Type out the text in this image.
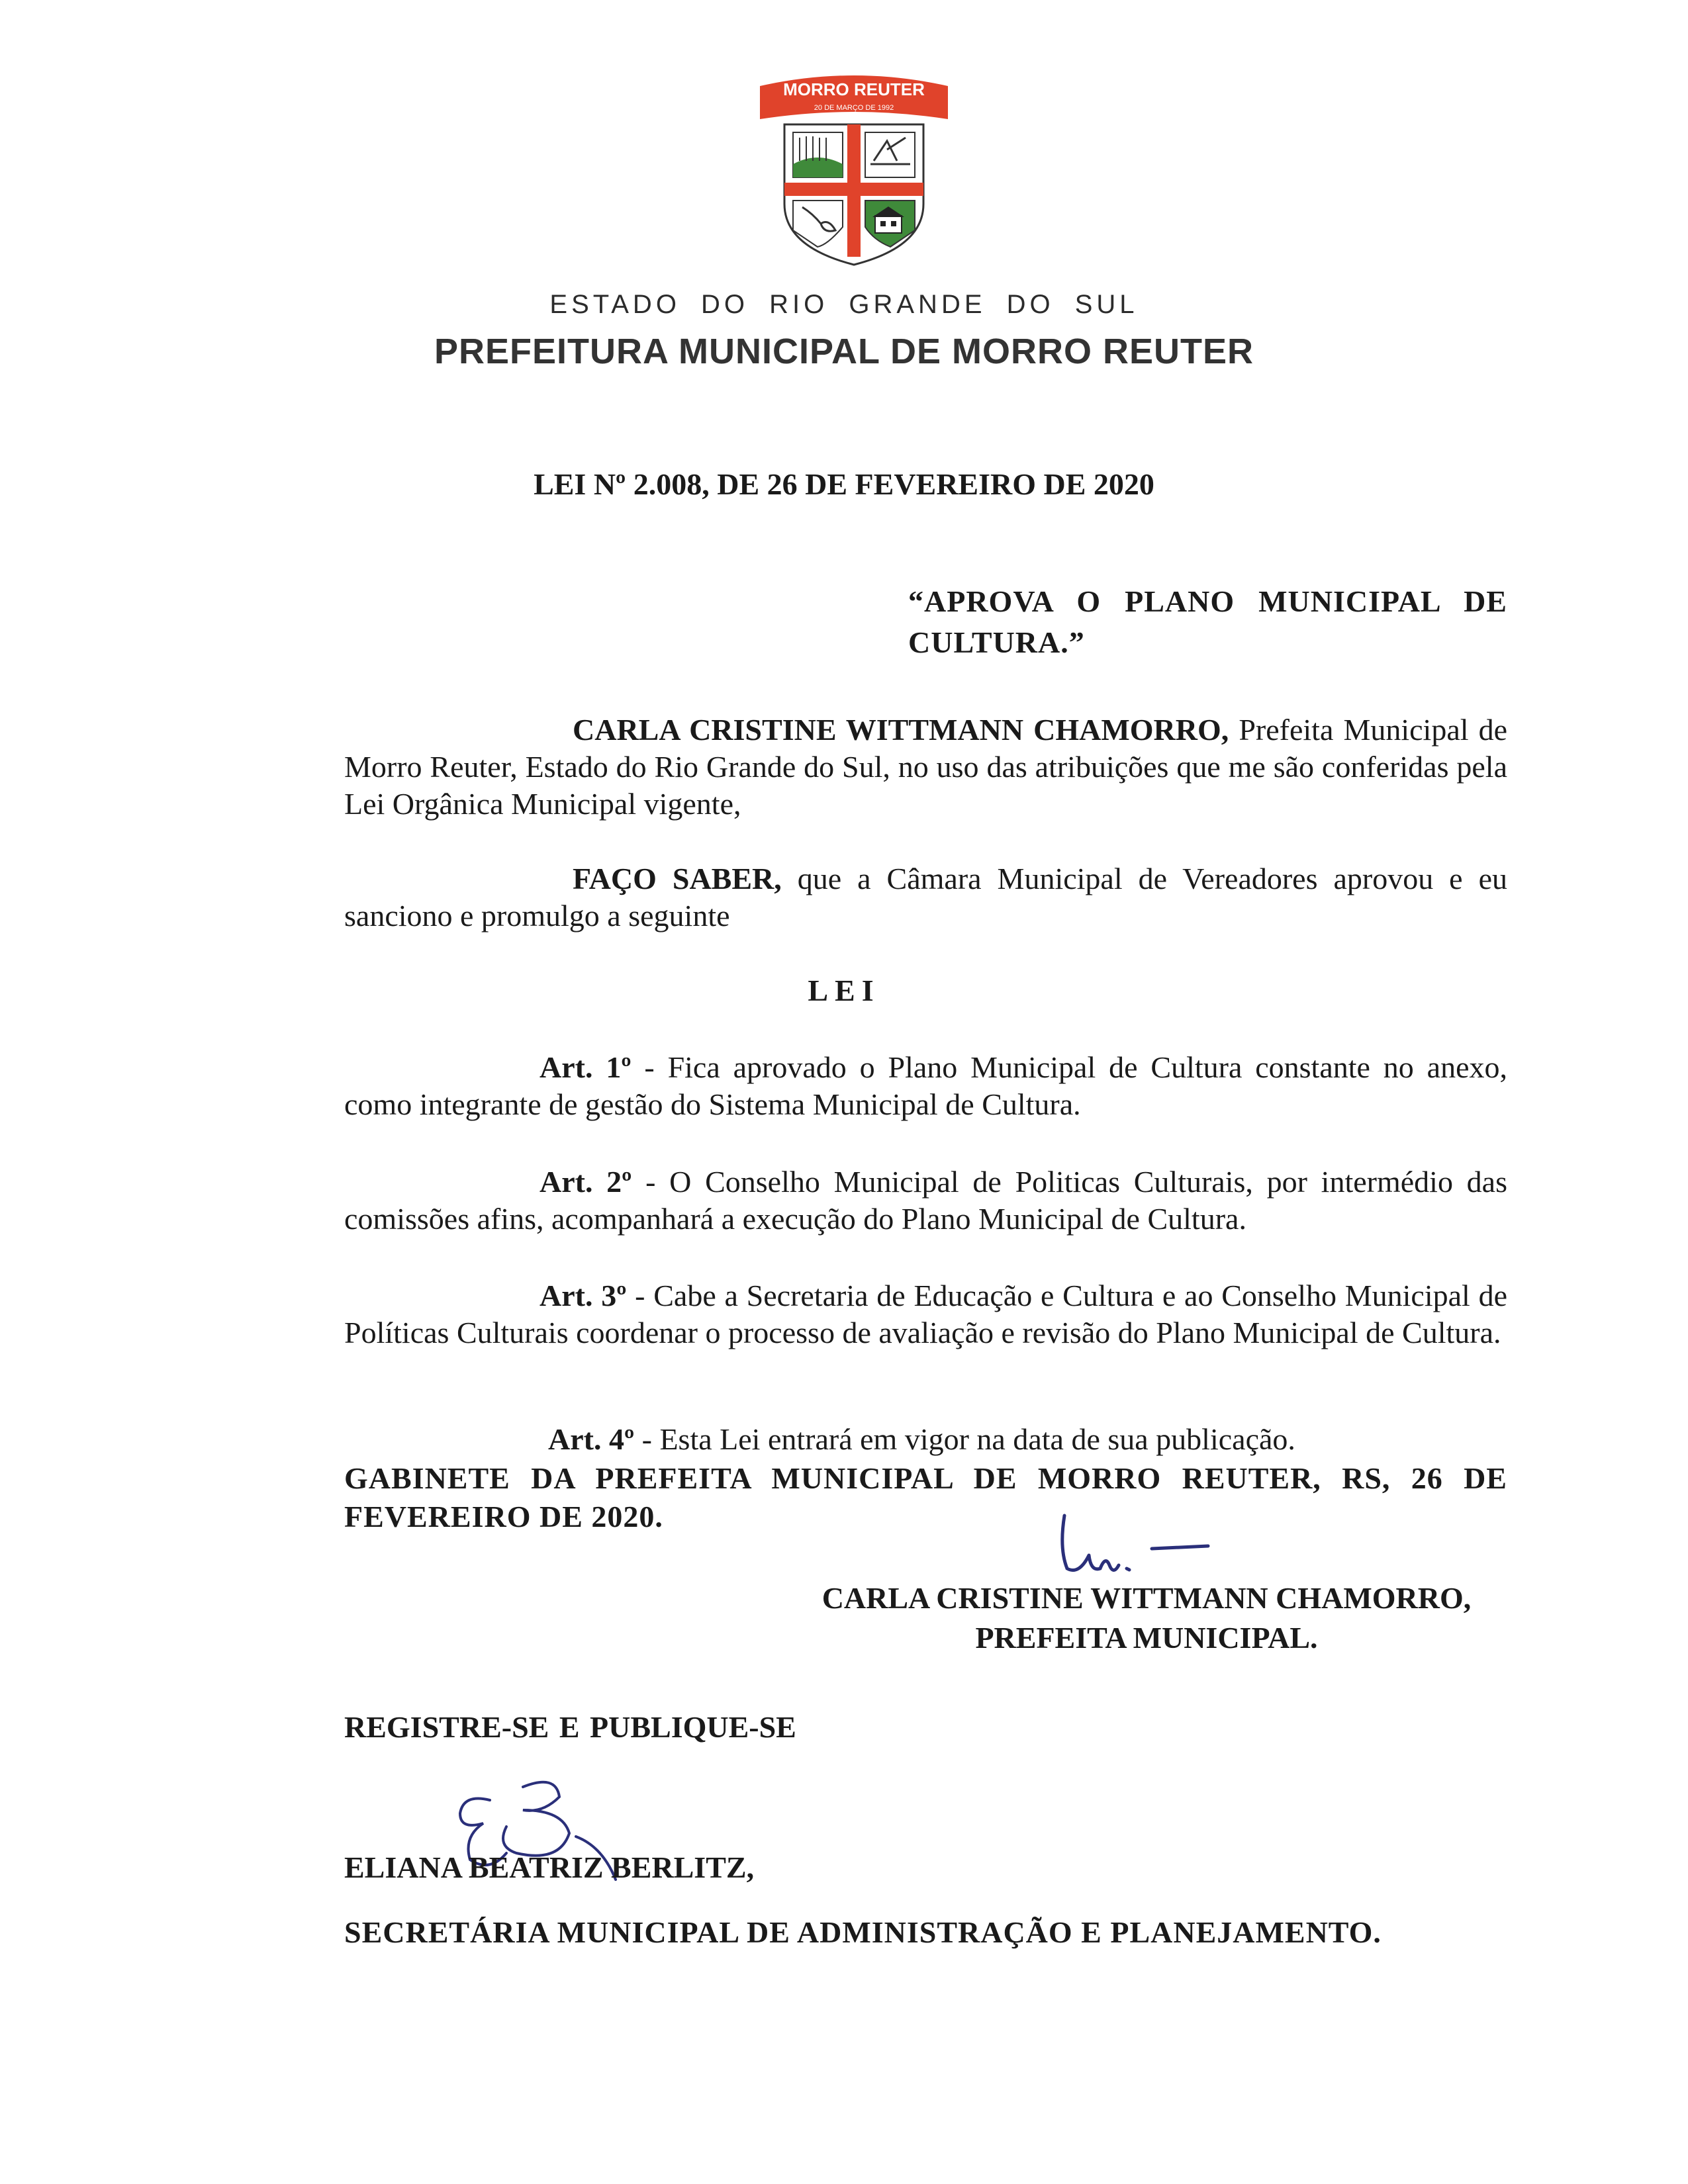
MORRO REUTER
20 DE MARÇO DE 1992
ESTADO DO RIO GRANDE DO SUL
PREFEITURA MUNICIPAL DE MORRO REUTER
LEI Nº 2.008, DE 26 DE FEVEREIRO DE 2020
“APROVA O PLANO MUNICIPAL DE CULTURA.”
CARLA CRISTINE WITTMANN CHAMORRO, Prefeita Municipal de Morro Reuter, Estado do Rio Grande do Sul, no uso das atribuições que me são conferidas pela Lei Orgânica Municipal vigente,
FAÇO SABER, que a Câmara Municipal de Vereadores aprovou e eu sanciono e promulgo a seguinte
LEI
Art. 1º - Fica aprovado o Plano Municipal de Cultura constante no anexo, como integrante de gestão do Sistema Municipal de Cultura.
Art. 2º - O Conselho Municipal de Politicas Culturais, por intermédio das comissões afins, acompanhará a execução do Plano Municipal de Cultura.
Art. 3º - Cabe a Secretaria de Educação e Cultura e ao Conselho Municipal de Políticas Culturais coordenar o processo de avaliação e revisão do Plano Municipal de Cultura.
Art. 4º - Esta Lei entrará em vigor na data de sua publicação.
GABINETE DA PREFEITA MUNICIPAL DE MORRO REUTER, RS, 26 DE FEVEREIRO DE 2020.
CARLA CRISTINE WITTMANN CHAMORRO,
PREFEITA MUNICIPAL.
REGISTRE-SE E PUBLIQUE-SE
ELIANA BEATRIZ BERLITZ,
SECRETÁRIA MUNICIPAL DE ADMINISTRAÇÃO E PLANEJAMENTO.
